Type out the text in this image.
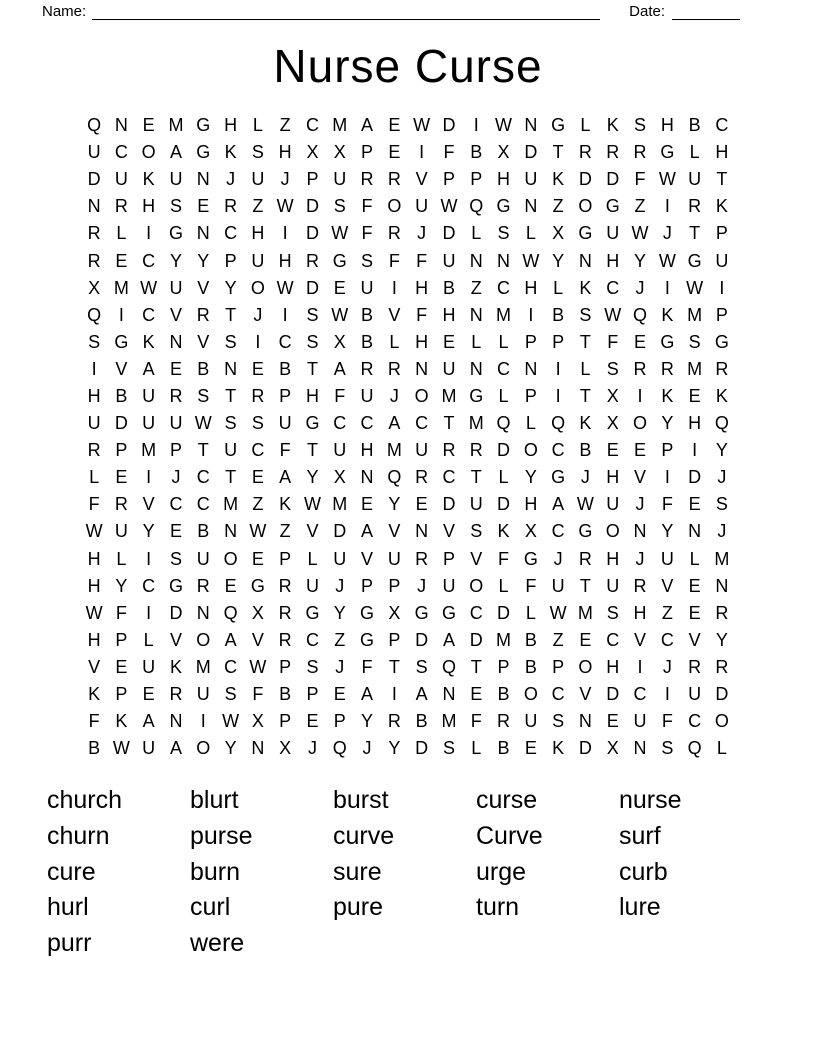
Name:	Date:
Nurse Curse
Q N E M G H L Z C M A E W D	I W N G L K S H B C
U C O A G K S H X X P E	I	F B X D T R R R G L H
D U K U N J U J P U R R V P P H U K D D F W U T
N R H S E R Z W D S F O U W Q G N Z O G Z	I	R K
R L	I G N C H	I	D W F R J D L S L X G U W J T P
R E C Y Y P U H R G S F F U N N W Y N H Y W G U
X M W U V Y O W D E U	I	H B Z C H L K C J	I W I
Q I	C V R T J	I	S W B V F H N M I	B S W Q K M P
S G K N V S	I	C S X B L H E L L P P T F E G S G
I	V A E B N E B T A R R N U N C N	I	L S R R M R
H B U R S T R P H F U J O M G L P	I	T X	I	K E K
U D U U W S S U G C C A C T M Q L Q K X O Y H Q
R P M P T U C F T U H M U R R D O C B E E P	I	Y
L E	I	J C T E A Y X N Q R C T L Y G J H V	I	D J
F R V C C M Z K W M E Y E D U D H A W U J F E S
W U Y E B N W Z V D A V N V S K X C G O N Y N J
H L	I	S U O E P L U V U R P V F G J R H J U L M
H Y C G R E G R U J P P J U O L F U T U R V E N
W F	I	D N Q X R G Y G X G G C D L W M S H Z E R
H P L V O A V R C Z G P D A D M B Z E C V C V Y
V E U K M C W P S J F T S Q T P B P O H	I	J R R
K P E R U S F B P E A	I	A N E B O C V D C	I	U D
F K A N	I W X P E P Y R B M F R U S N E U F C O
B W U A O Y N X J Q J Y D S L B E K D X N S Q L
church
churn
cure
hurl
purr
blurt
purse
burn
curl
were
burst
curve
sure
pure
curse
Curve
urge
turn
nurse
surf
curb
lure
